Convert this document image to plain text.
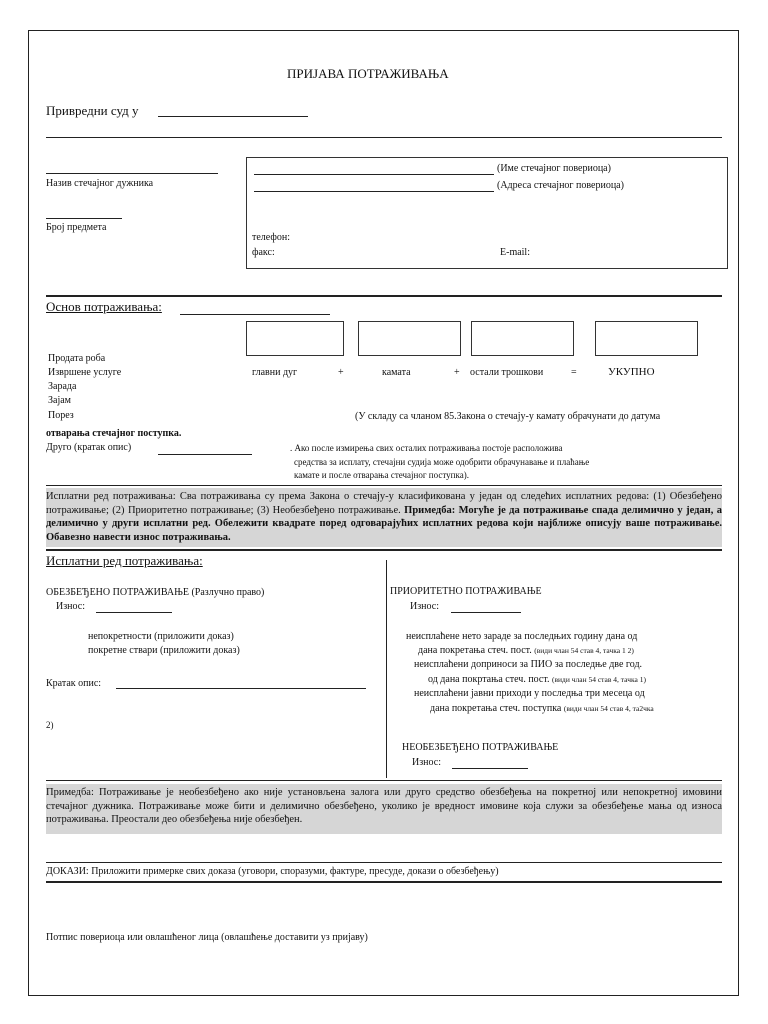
ПРИЈАВА ПОТРАЖИВАЊА
Привредни суд у
Назив стечајног дужника
Број предмета
(Име стечајног повериоца)
(Адреса стечајног повериоца)
телефон:
факс:	E-mail:
Основ потраживања:
Продата роба
Извршене услуге
Зарада
Зајам
Порез
главни дуг	+	камата	+ остали трошкови	=	УКУПНО
(У складу са чланом 85.Закона о стечају-у камату обрачунати до датума
отварања стечајног поступка.
Друго (кратак опис)	. Ако после измирења свих осталих потраживања постоје расположива
средства за исплату, стечајни судија може одобрити обрачунавање и плаћање
камате и после отварања стечајног поступка).
Исплатни ред потраживања: Сва потраживања су према Закона о стечају-у класификована у један од следећих исплатних редова: (1) Обезбеђено потраживање; (2) Приоритетно потраживање; (3) Необезбеђено потраживање. Примедба: Могуће је да потраживање спада делимично у један, а делимично у други исплатни ред. Обележити квадрате поред одговарајућих исплатних редова који најближе описују ваше потраживање. Обавезно навести износ потраживања.
Исплатни ред потраживања:
ОБЕЗБЕЂЕНО ПОТРАЖИВАЊЕ (Разлучно право)
Износ:
непокретности (приложити доказ)
покретне ствари (приложити доказ)
Кратак опис:
2)
ПРИОРИТЕТНО ПОТРАЖИВАЊЕ
Износ:
неисплаћене нето зараде за последњих годину дана од
дана покретања стеч. пост. (види члан 54 став 4, тачка 1 2)
неисплаћени доприноси за ПИО за последње две год.
од дана покртања стеч. пост. (види члан 54 став 4, тачка 1)
неисплаћени јавни приходи у последња три месеца од
дана покретања стеч. поступка (види члан 54 став 4, та2чка
НЕОБЕЗБЕЂЕНО ПОТРАЖИВАЊЕ
Износ:
Примедба: Потраживање је необезбеђено ако није установљена залога или друго средство обезбеђења на покретној или непокретној имовини стечајног дужника. Потраживање може бити и делимично обезбеђено, уколико је вредност имовине која служи за обезбеђење мања од износа потраживања. Преостали део обезбеђења није обезбеђен.
ДОКАЗИ: Приложити примерке свих доказа (уговори, споразуми, фактуре, пресуде, докази о обезбеђењу)
Потпис повериоца или овлашћеног лица (овлашћење доставити уз пријаву)
